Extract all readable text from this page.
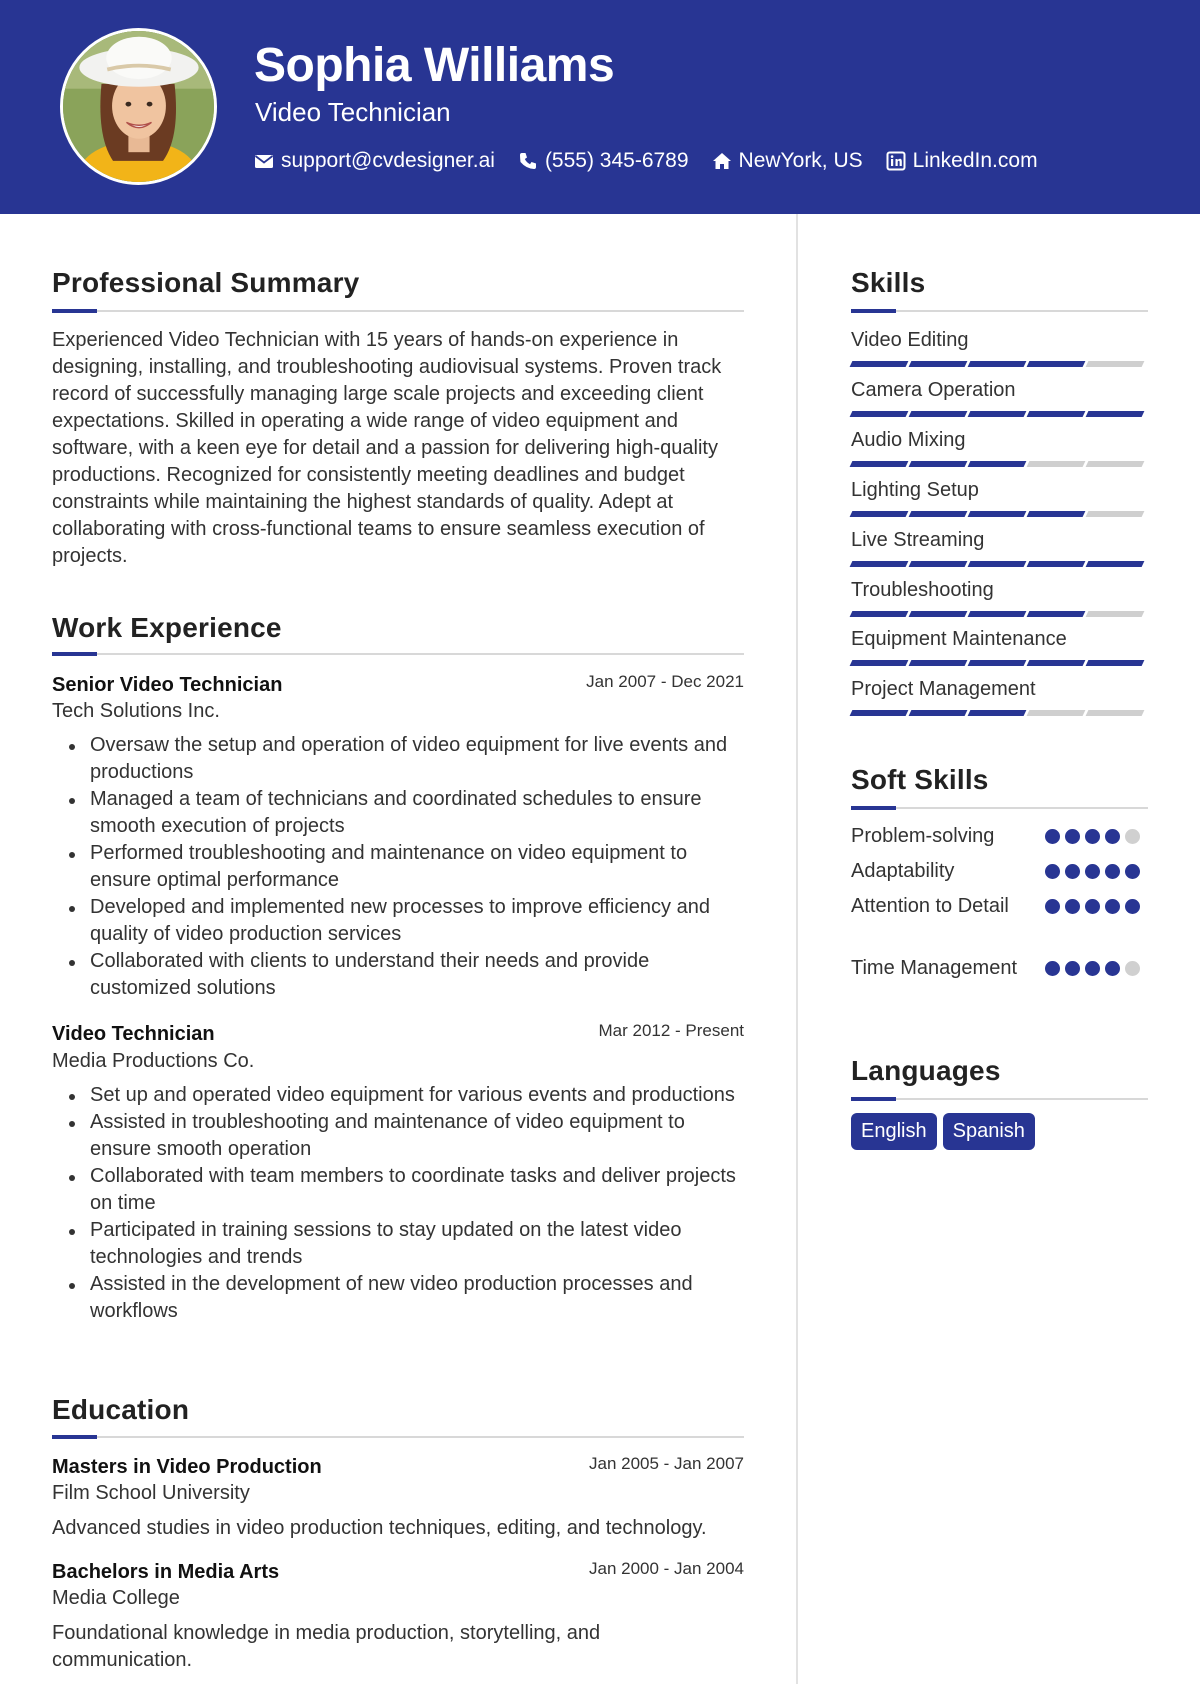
Sophia Williams
Video Technician
support@cvdesigner.ai (555) 345-6789 NewYork, US LinkedIn.com
Professional Summary
Experienced Video Technician with 15 years of hands-on experience in designing, installing, and troubleshooting audiovisual systems. Proven track record of successfully managing large scale projects and exceeding client expectations. Skilled in operating a wide range of video equipment and software, with a keen eye for detail and a passion for delivering high-quality productions. Recognized for consistently meeting deadlines and budget constraints while maintaining the highest standards of quality. Adept at collaborating with cross-functional teams to ensure seamless execution of projects.
Work Experience
Senior Video Technician	Jan 2007 - Dec 2021
Tech Solutions Inc.
Oversaw the setup and operation of video equipment for live events and productions
Managed a team of technicians and coordinated schedules to ensure smooth execution of projects
Performed troubleshooting and maintenance on video equipment to ensure optimal performance
Developed and implemented new processes to improve efficiency and quality of video production services
Collaborated with clients to understand their needs and provide customized solutions
Video Technician	Mar 2012 - Present
Media Productions Co.
Set up and operated video equipment for various events and productions
Assisted in troubleshooting and maintenance of video equipment to ensure smooth operation
Collaborated with team members to coordinate tasks and deliver projects on time
Participated in training sessions to stay updated on the latest video technologies and trends
Assisted in the development of new video production processes and workflows
Education
Masters in Video Production	Jan 2005 - Jan 2007
Film School University
Advanced studies in video production techniques, editing, and technology.
Bachelors in Media Arts	Jan 2000 - Jan 2004
Media College
Foundational knowledge in media production, storytelling, and communication.
Skills
Video Editing
Camera Operation
Audio Mixing
Lighting Setup
Live Streaming
Troubleshooting
Equipment Maintenance
Project Management
Soft Skills
Problem-solving
Adaptability
Attention to Detail
Time Management
Languages
English	Spanish
